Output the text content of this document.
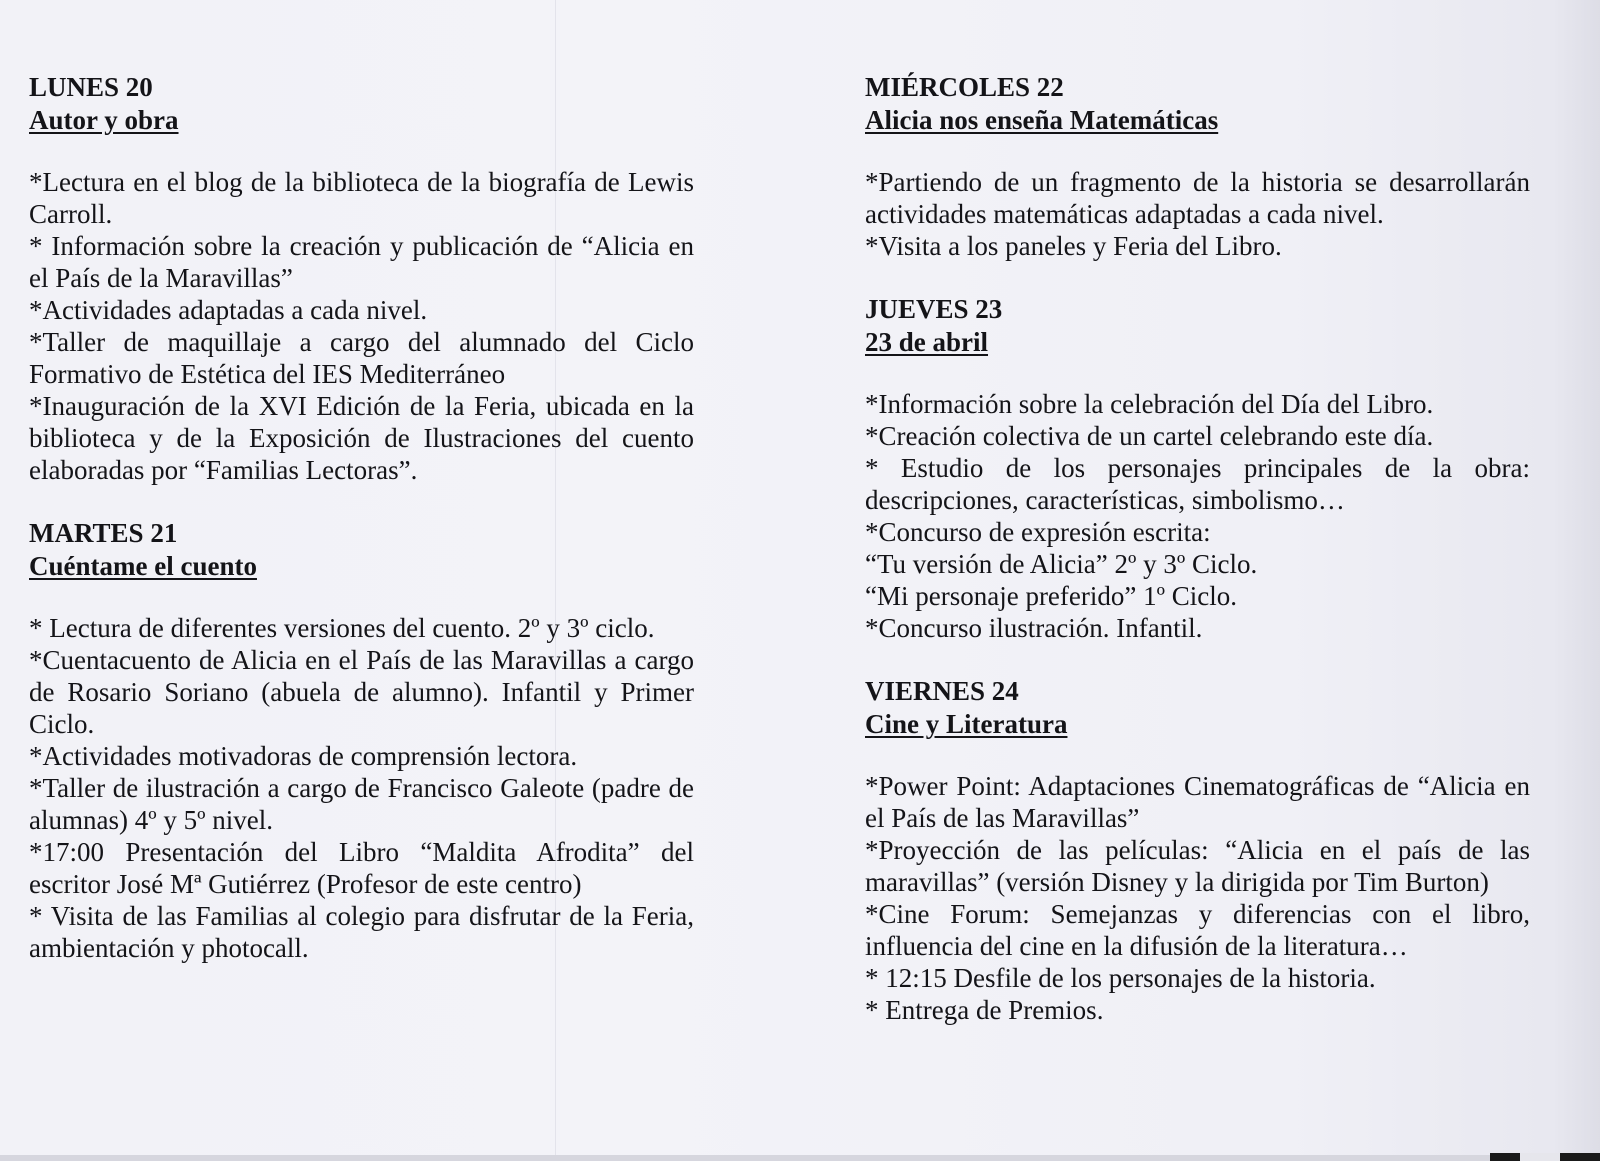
LUNES 20

Autor y obra

*Lectura en el blog de la biblioteca de la biografía de Lewis Carroll.

* Información sobre la creación y publicación de “Alicia en el País de la Maravillas”

*Actividades adaptadas a cada nivel.

*Taller de maquillaje a cargo del alumnado del Ciclo Formativo de Estética del IES Mediterráneo

*Inauguración de la XVI Edición de la Feria, ubicada en la biblioteca y de la Exposición de Ilustraciones del cuento elaboradas por “Familias Lectoras”.

MARTES 21

Cuéntame el cuento

* Lectura de diferentes versiones del cuento. 2º y 3º ciclo.

*Cuentacuento de Alicia en el País de las Maravillas a cargo de Rosario Soriano (abuela de alumno). Infantil y Primer Ciclo.

*Actividades motivadoras de comprensión lectora.

*Taller de ilustración a cargo de Francisco Galeote (padre de alumnas) 4º y 5º nivel.

*17:00 Presentación del Libro “Maldita Afrodita” del escritor José Mª Gutiérrez (Profesor de este centro)

* Visita de las Familias al colegio para disfrutar de la Feria, ambientación y photocall.

MIÉRCOLES 22

Alicia nos enseña Matemáticas

*Partiendo de un fragmento de la historia se desarrollarán actividades matemáticas adaptadas a cada nivel.

*Visita a los paneles y Feria del Libro.

JUEVES 23

23 de abril

*Información sobre la celebración del Día del Libro.

*Creación colectiva de un cartel celebrando este día.

* Estudio de los personajes principales de la obra: descripciones, características, simbolismo…

*Concurso de expresión escrita:

“Tu versión de Alicia” 2º y 3º Ciclo.

“Mi personaje preferido” 1º Ciclo.

*Concurso ilustración. Infantil.

VIERNES 24

Cine y Literatura

*Power Point: Adaptaciones Cinematográficas de “Alicia en el País de las Maravillas”

*Proyección de las películas: “Alicia en el país de las maravillas” (versión Disney y la dirigida por Tim Burton)

*Cine Forum: Semejanzas y diferencias con el libro, influencia del cine en la difusión de la literatura…

* 12:15 Desfile de los personajes de la historia.

* Entrega de Premios.
